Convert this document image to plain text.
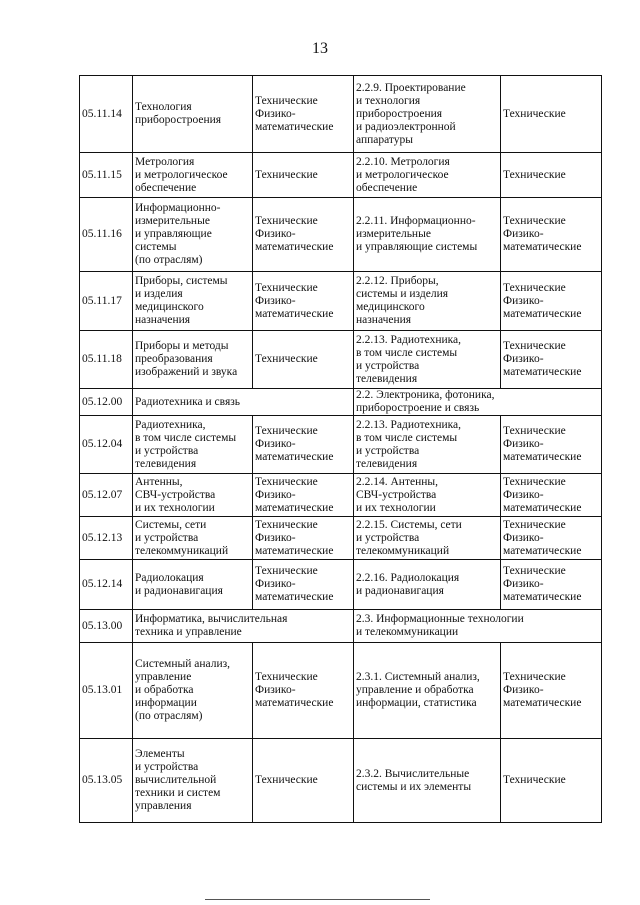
13
05.11.14	Технология
приборостроения	Технические
Физико-
математические	2.2.9. Проектирование
и технология
приборостроения
и радиоэлектронной
аппаратуры	Технические
05.11.15	Метрология
и метрологическое
обеспечение	Технические	2.2.10. Метрология
и метрологическое
обеспечение	Технические
05.11.16	Информационно-
измерительные
и управляющие
системы
(по отраслям)	Технические
Физико-
математические	2.2.11. Информационно-
измерительные
и управляющие системы	Технические
Физико-
математические
05.11.17	Приборы, системы
и изделия
медицинского
назначения	Технические
Физико-
математические	2.2.12. Приборы,
системы и изделия
медицинского
назначения	Технические
Физико-
математические
05.11.18	Приборы и методы
преобразования
изображений и звука	Технические	2.2.13. Радиотехника,
в том числе системы
и устройства
телевидения	Технические
Физико-
математические
05.12.00	Радиотехника и связь		2.2. Электроника, фотоника,
приборостроение и связь	
05.12.04	Радиотехника,
в том числе системы
и устройства
телевидения	Технические
Физико-
математические	2.2.13. Радиотехника,
в том числе системы
и устройства
телевидения	Технические
Физико-
математические
05.12.07	Антенны,
СВЧ-устройства
и их технологии	Технические
Физико-
математические	2.2.14. Антенны,
СВЧ-устройства
и их технологии	Технические
Физико-
математические
05.12.13	Системы, сети
и устройства
телекоммуникаций	Технические
Физико-
математические	2.2.15. Системы, сети
и устройства
телекоммуникаций	Технические
Физико-
математические
05.12.14	Радиолокация
и радионавигация	Технические
Физико-
математические	2.2.16. Радиолокация
и радионавигация	Технические
Физико-
математические
05.13.00	Информатика, вычислительная
техника и управление		2.3. Информационные технологии
и телекоммуникации	
05.13.01	Системный анализ,
управление
и обработка
информации
(по отраслям)	Технические
Физико-
математические	2.3.1. Системный анализ,
управление и обработка
информации, статистика	Технические
Физико-
математические
05.13.05	Элементы
и устройства
вычислительной
техники и систем
управления	Технические	2.3.2. Вычислительные
системы и их элементы	Технические
